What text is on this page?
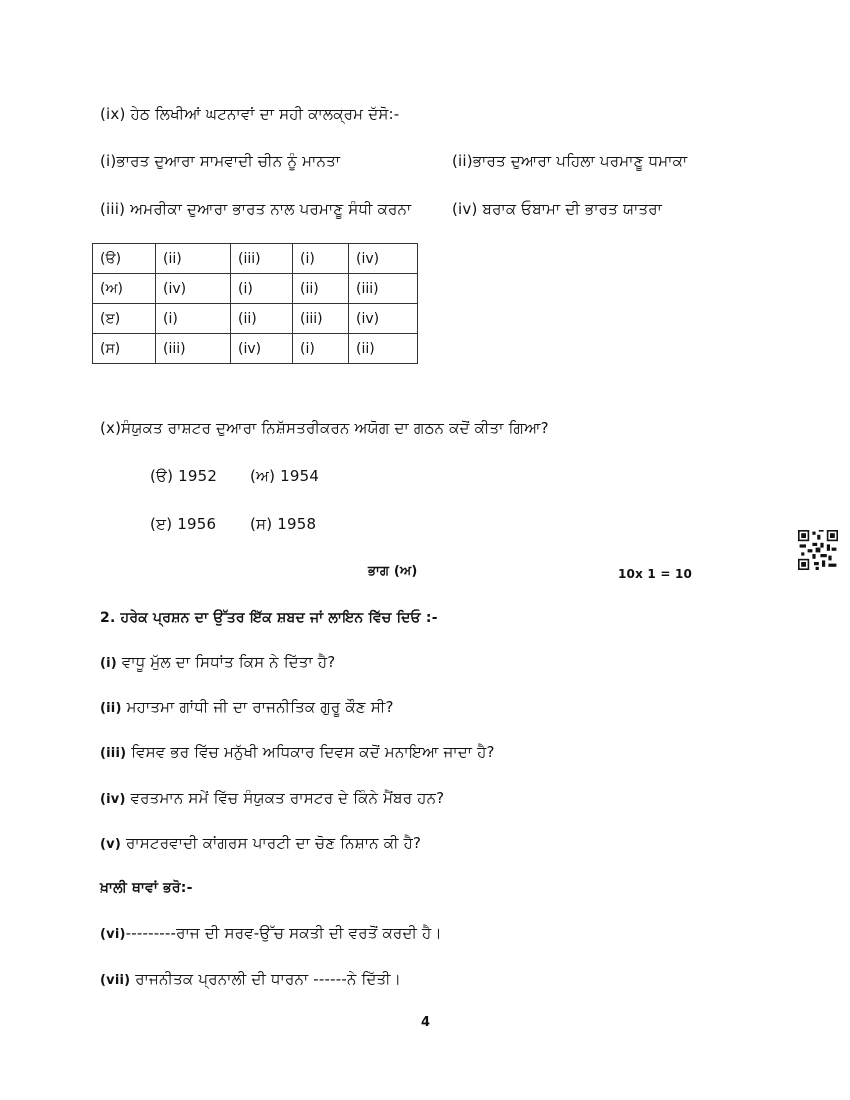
(ix) ਹੇਠ ਲਿਖੀਆਂ ਘਟਨਾਵਾਂ ਦਾ ਸਹੀ ਕਾਲਕ੍ਰਮ ਦੱਸੋ:-
(i)ਭਾਰਤ ਦੁਆਰਾ ਸਾਮਵਾਦੀ ਚੀਨ ਨੂੰ ਮਾਨਤਾ	(ii)ਭਾਰਤ ਦੁਆਰਾ ਪਹਿਲਾ ਪਰਮਾਣੂ ਧਮਾਕਾ
(iii) ਅਮਰੀਕਾ ਦੁਆਰਾ ਭਾਰਤ ਨਾਲ ਪਰਮਾਣੂ ਸੰਧੀ ਕਰਨਾ	(iv) ਬਰਾਕ ਓਬਾਮਾ ਦੀ ਭਾਰਤ ਯਾਤਰਾ
(ੳ)	(ii)	(iii)	(i)	(iv)
(ਅ)	(iv)	(i)	(ii)	(iii)
(ੲ)	(i)	(ii)	(iii)	(iv)
(ਸ)	(iii)	(iv)	(i)	(ii)
(x)ਸੰਯੁਕਤ ਰਾਸ਼ਟਰ ਦੁਆਰਾ ਨਿਸ਼ੱਸਤਰੀਕਰਨ ਅਯੋਗ ਦਾ ਗਠਨ ਕਦੋਂ ਕੀਤਾ ਗਿਆ?
(ੳ) 1952 (ਅ) 1954
(ੲ) 1956 (ਸ) 1958
ਭਾਗ (ਅ)	10x 1 = 10
2. ਹਰੇਕ ਪ੍ਰਸ਼ਨ ਦਾ ਉੱਤਰ ਇੱਕ ਸ਼ਬਦ ਜਾਂ ਲਾਇਨ ਵਿੱਚ ਦਿਓ :-
(i) ਵਾਧੂ ਮੁੱਲ ਦਾ ਸਿਧਾਂਤ ਕਿਸ ਨੇ ਦਿੱਤਾ ਹੈ?
(ii) ਮਹਾਤਮਾ ਗਾਂਧੀ ਜੀ ਦਾ ਰਾਜਨੀਤਿਕ ਗੁਰੂ ਕੌਣ ਸੀ?
(iii) ਵਿਸਵ ਭਰ ਵਿੱਚ ਮਨੁੱਖੀ ਅਧਿਕਾਰ ਦਿਵਸ ਕਦੋਂ ਮਨਾਇਆ ਜਾਦਾ ਹੈ?
(iv) ਵਰਤਮਾਨ ਸਮੇਂ ਵਿੱਚ ਸੰਯੁਕਤ ਰਾਸਟਰ ਦੇ ਕਿੰਨੇ ਮੈਂਬਰ ਹਨ?
(v) ਰਾਸਟਰਵਾਦੀ ਕਾਂਗਰਸ ਪਾਰਟੀ ਦਾ ਚੋਣ ਨਿਸ਼ਾਨ ਕੀ ਹੈ?
ਖ਼ਾਲੀ ਥਾਵਾਂ ਭਰੋ:-
(vi)---------ਰਾਜ ਦੀ ਸਰਵ-ਉੱਚ ਸਕਤੀ ਦੀ ਵਰਤੋਂ ਕਰਦੀ ਹੈ।
(vii) ਰਾਜਨੀਤਕ ਪ੍ਰਨਾਲੀ ਦੀ ਧਾਰਨਾ ------ਨੇ ਦਿੱਤੀ।
4
